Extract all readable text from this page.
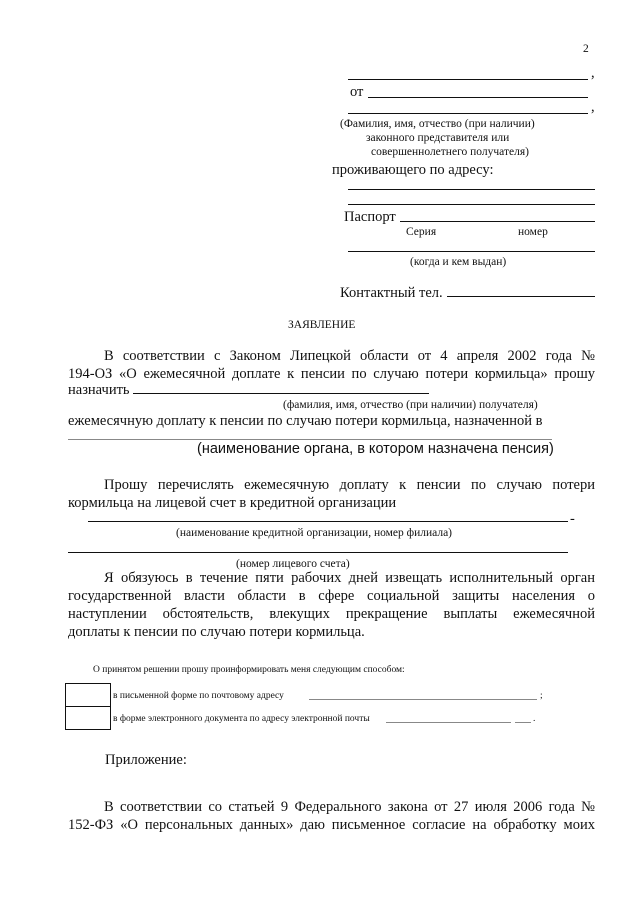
2
,
от
,
(Фамилия, имя, отчество (при наличии)
законного представителя или
совершеннолетнего получателя)
проживающего по адресу:
Паспорт
Серия	номер
(когда и кем выдан)
Контактный тел.
ЗАЯВЛЕНИЕ
В соответствии с Законом Липецкой области от 4 апреля 2002 года №
194-ОЗ «О ежемесячной доплате к пенсии по случаю потери кормильца» прошу
назначить
(фамилия, имя, отчество (при наличии) получателя)
ежемесячную доплату к пенсии по случаю потери кормильца, назначенной в
(наименование органа, в котором назначена пенсия)
Прошу перечислять ежемесячную доплату к пенсии по случаю потери
кормильца на лицевой счет в кредитной организации
-
(наименование кредитной организации, номер филиала)
(номер лицевого счета)
Я обязуюсь в течение пяти рабочих дней извещать исполнительный орган
государственной власти области в сфере социальной защиты населения о
наступлении обстоятельств, влекущих прекращение выплаты ежемесячной
доплаты к пенсии по случаю потери кормильца.
О принятом решении прошу проинформировать меня следующим способом:
в письменной форме по почтовому адресу	;
в форме электронного документа по адресу электронной почты	.
Приложение:
В соответствии со статьей 9 Федерального закона от 27 июля 2006 года №
152-ФЗ «О персональных данных» даю письменное согласие на обработку моих
